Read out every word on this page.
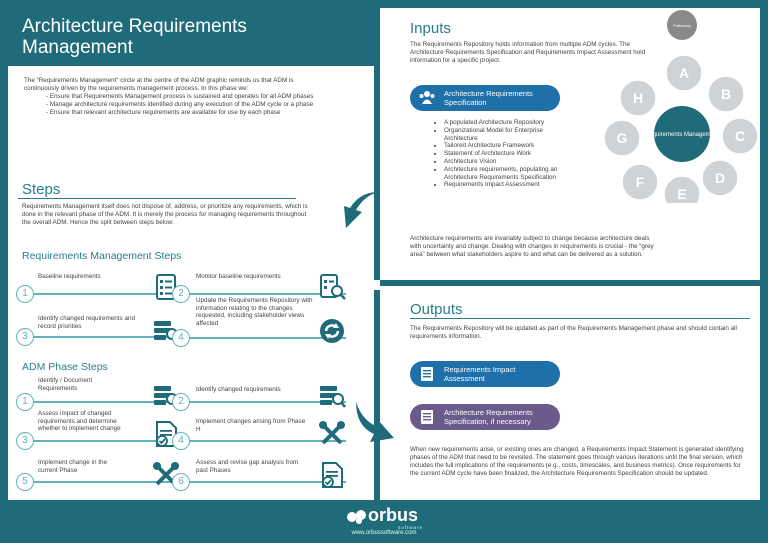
Architecture Requirements Management

The “Requirements Management” circle at the centre of the ADM graphic reminds us that ADM is continuously driven by the requirements management process. In this phase we:

- Ensure that Requirements Management process is sustained and operates for all ADM phases
- Manage architecture requirements identified during any execution of the ADM cycle or a phase
- Ensure that relevant architecture requirements are available for use by each phase
Steps
Requirements Management itself does not dispose of, address, or prioritize any requirements, which is done in the relevant phase of the ADM. It is merely the process for managing requirements throughout the overall ADM. Hence the split between steps below:
Requirements Management Steps
1
Baseline requirements
2
Monitor baseline requirements
3
Identify changed requirements and record priorities
4
Update the Requirements Repository with information relating to the changes requested, including stakeholder views affected
ADM Phase Steps
1
Identify / Document Requirements
2
Identify changed requirements
3
Assess impact of changed requirements and determine whether to implement change
4
Implement changes arising from Phase H
5
Implement change in the current Phase
6
Assess and revise gap analysis from past Phases
Inputs
The Requirements Repository holds information from multiple ADM cycles. The Architecture Requirements Specification and Requirements Impact Assessment hold information for a specific project.
Architecture Requirements Specification
• A populated Architecture Repository
• Organizational Model for Enterprise Architecture
• Tailored Architecture Framework
• Statement of Architecture Work
• Architecture Vision
• Architecture requirements, populating an Architecture Requirements Specification
• Requirements Impact Assessment
Architecture requirements are invariably subject to change because architecture deals with uncertainty and change. Dealing with changes in requirements is crucial - the “grey area” between what stakeholders aspire to and what can be delivered as a solution.
Preliminary
A
B
C
D
E
F
G
H
Requirements Management
Outputs
The Requirements Repository will be updated as part of the Requirements Management phase and should contain all requirements information.
Requirements Impact Assessment
Architecture Requirements Specification, if necessary
When new requirements arise, or existing ones are changed, a Requirements Impact Statement is generated identifying phases of the ADM that need to be revisited. The statement goes through various iterations until the final version, which includes the full implications of the requirements (e.g., costs, timescales, and business metrics). Once requirements for the current ADM cycle have been finalized, the Architecture Requirements Specification should be updated.
orbus
software
www.orbussoftware.com
